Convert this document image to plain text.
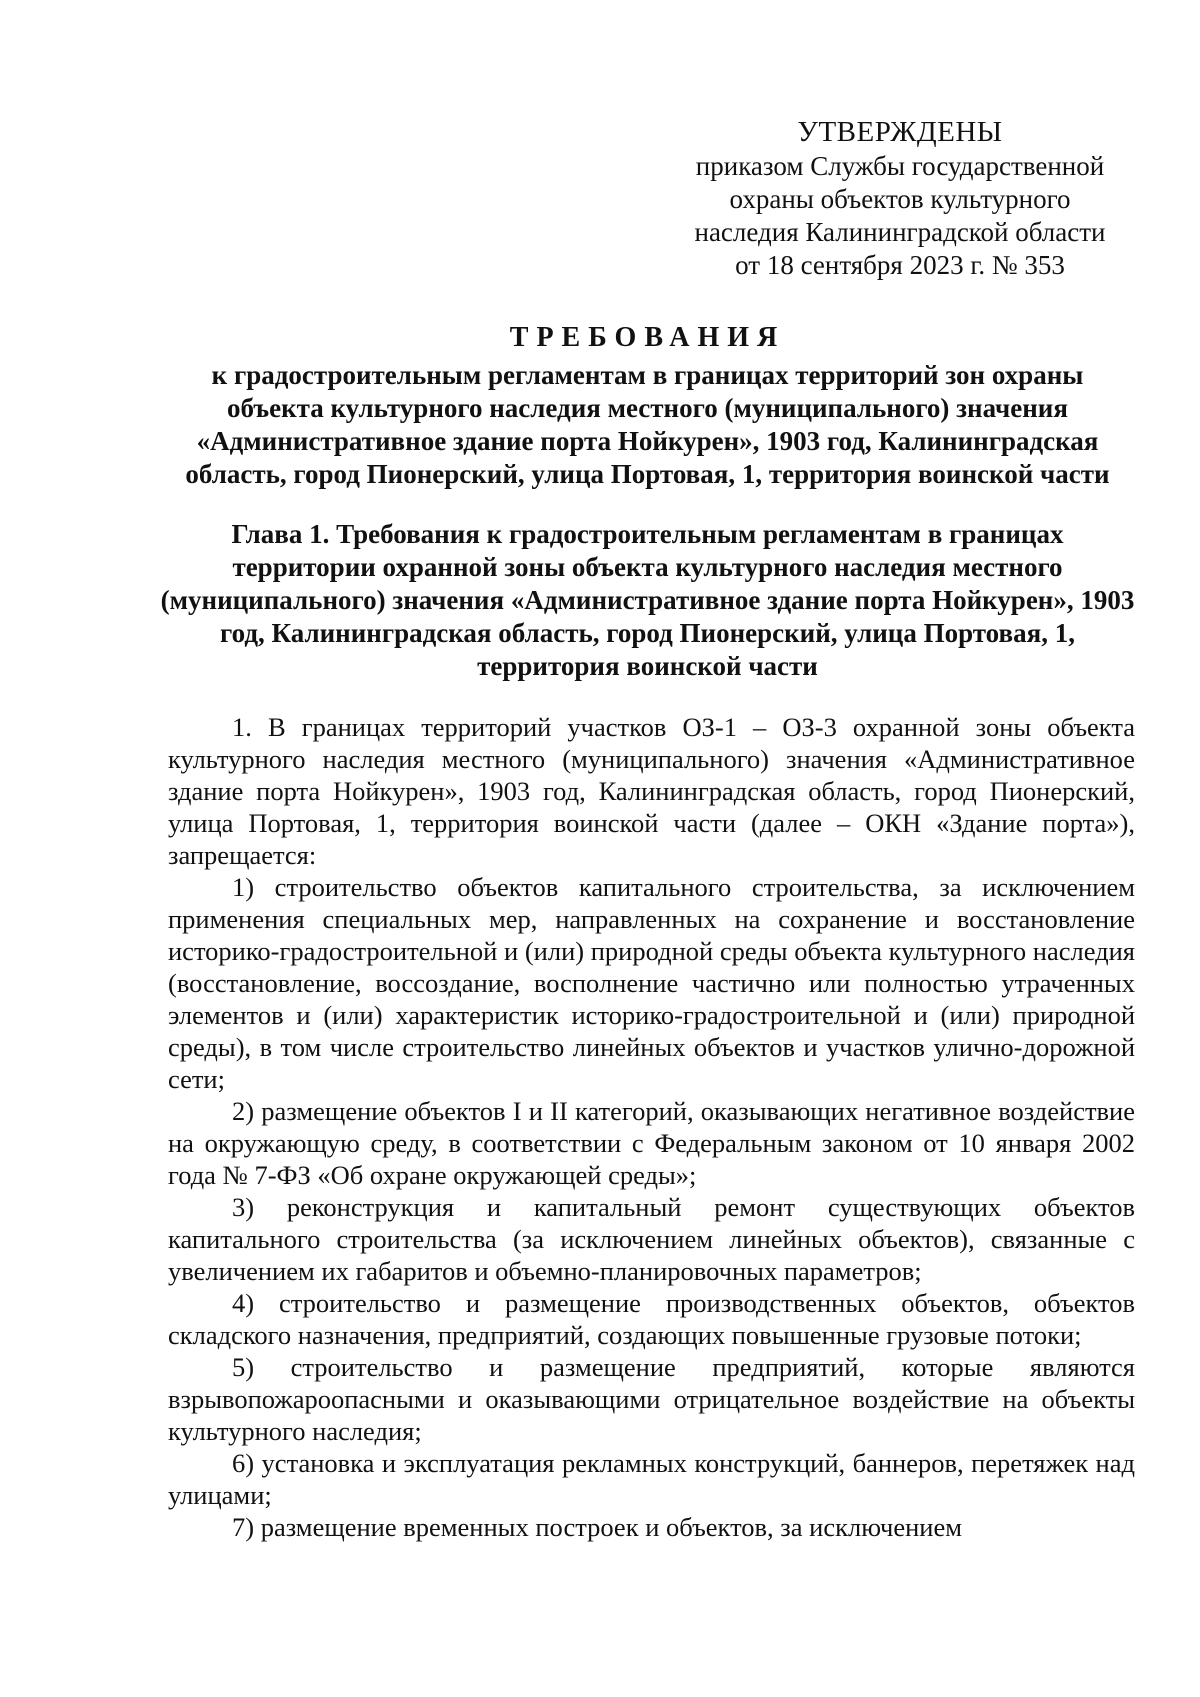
УТВЕРЖДЕНЫ
приказом Службы государственной
охраны объектов культурного
наследия Калининградской области
от 18 сентября 2023 г. № 353
ТРЕБОВАНИЯ
к градостроительным регламентам в границах территорий зон охраны объекта культурного наследия местного (муниципального) значения «Административное здание порта Нойкурен», 1903 год, Калининградская область, город Пионерский, улица Портовая, 1, территория воинской части
Глава 1. Требования к градостроительным регламентам в границах территории охранной зоны объекта культурного наследия местного (муниципального) значения «Административное здание порта Нойкурен», 1903 год, Калининградская область, город Пионерский, улица Портовая, 1, территория воинской части

1. В границах территорий участков ОЗ-1 – ОЗ-3 охранной зоны объекта культурного наследия местного (муниципального) значения «Административное здание порта Нойкурен», 1903 год, Калининградская область, город Пионерский, улица Портовая, 1, территория воинской части (далее – ОКН «Здание порта»), запрещается:

1) строительство объектов капитального строительства, за исключением применения специальных мер, направленных на сохранение и восстановление историко-градостроительной и (или) природной среды объекта культурного наследия (восстановление, воссоздание, восполнение частично или полностью утраченных элементов и (или) характеристик историко-градостроительной и (или) природной среды), в том числе строительство линейных объектов и участков улично-дорожной сети;

2) размещение объектов I и II категорий, оказывающих негативное воздействие на окружающую среду, в соответствии с Федеральным законом от 10 января 2002 года № 7-ФЗ «Об охране окружающей среды»;

3) реконструкция и капитальный ремонт существующих объектов капитального строительства (за исключением линейных объектов), связанные с увеличением их габаритов и объемно-планировочных параметров;

4) строительство и размещение производственных объектов, объектов складского назначения, предприятий, создающих повышенные грузовые потоки;

5) строительство и размещение предприятий, которые являются взрывопожароопасными и оказывающими отрицательное воздействие на объекты культурного наследия;

6) установка и эксплуатация рекламных конструкций, баннеров, перетяжек над улицами;

7) размещение временных построек и объектов, за исключением
